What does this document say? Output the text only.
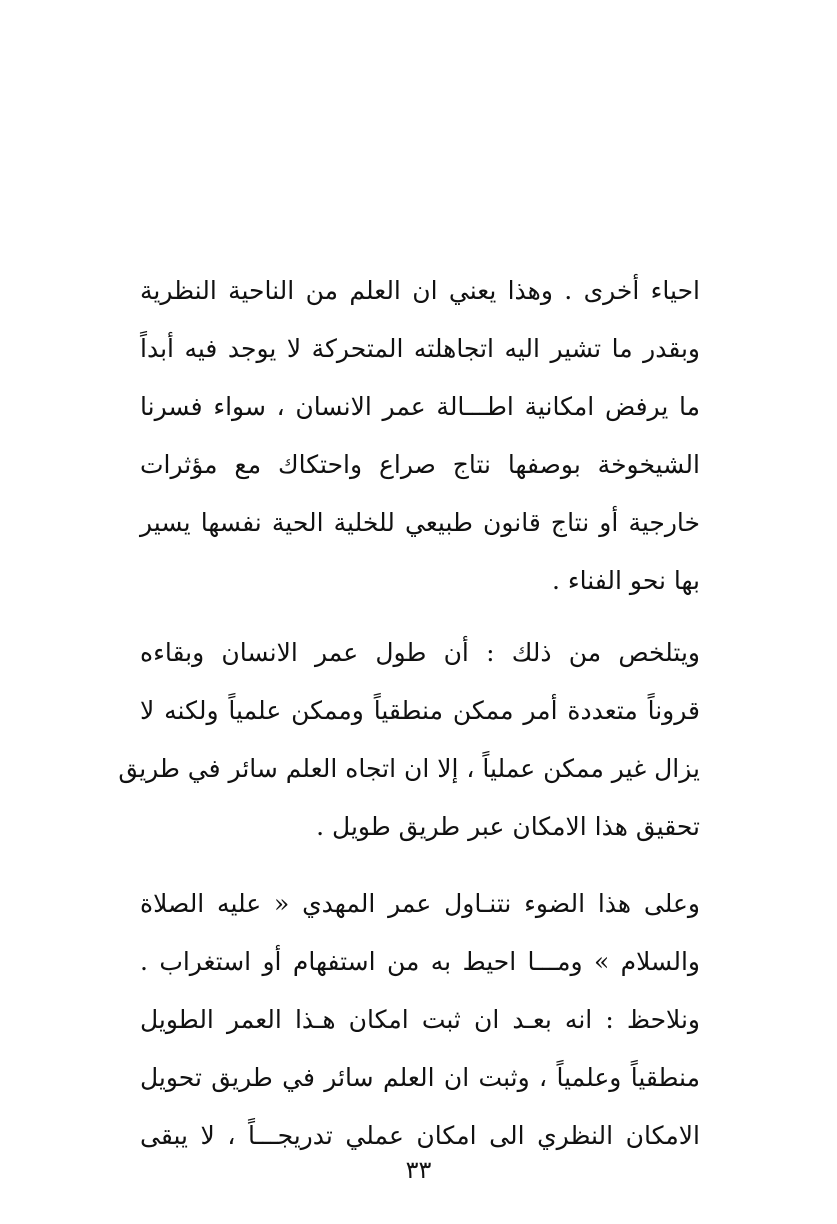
احياء أخرى . وهذا يعني ان العلم من الناحية النظرية
وبقدر ما تشير اليه اتجاهلته المتحركة لا يوجد فيه أبداً
ما يرفض امكانية اطـــالة عمر الانسان ، سواء فسرنا
الشيخوخة بوصفها نتاج صراع واحتكاك مع مؤثرات
خارجية أو نتاج قانون طبيعي للخلية الحية نفسها يسير
بها نحو الفناء .
ويتلخص من ذلك : أن طول عمر الانسان وبقاءه
قروناً متعددة أمر ممكن منطقياً وممكن علمياً ولكنه لا
يزال غير ممكن عملياً ، إلا ان اتجاه العلم سائر في طريق
تحقيق هذا الامكان عبر طريق طويل .
وعلى هذا الضوء نتنـاول عمر المهدي « عليه الصلاة
والسلام » ومـــا احيط به من استفهام أو استغراب .
ونلاحظ : انه بعـد ان ثبت امكان هـذا العمر الطويل
منطقياً وعلمياً ، وثبت ان العلم سائر في طريق تحويل
الامكان النظري الى امكان عملي تدريجـــاً ، لا يبقى
٣٣
